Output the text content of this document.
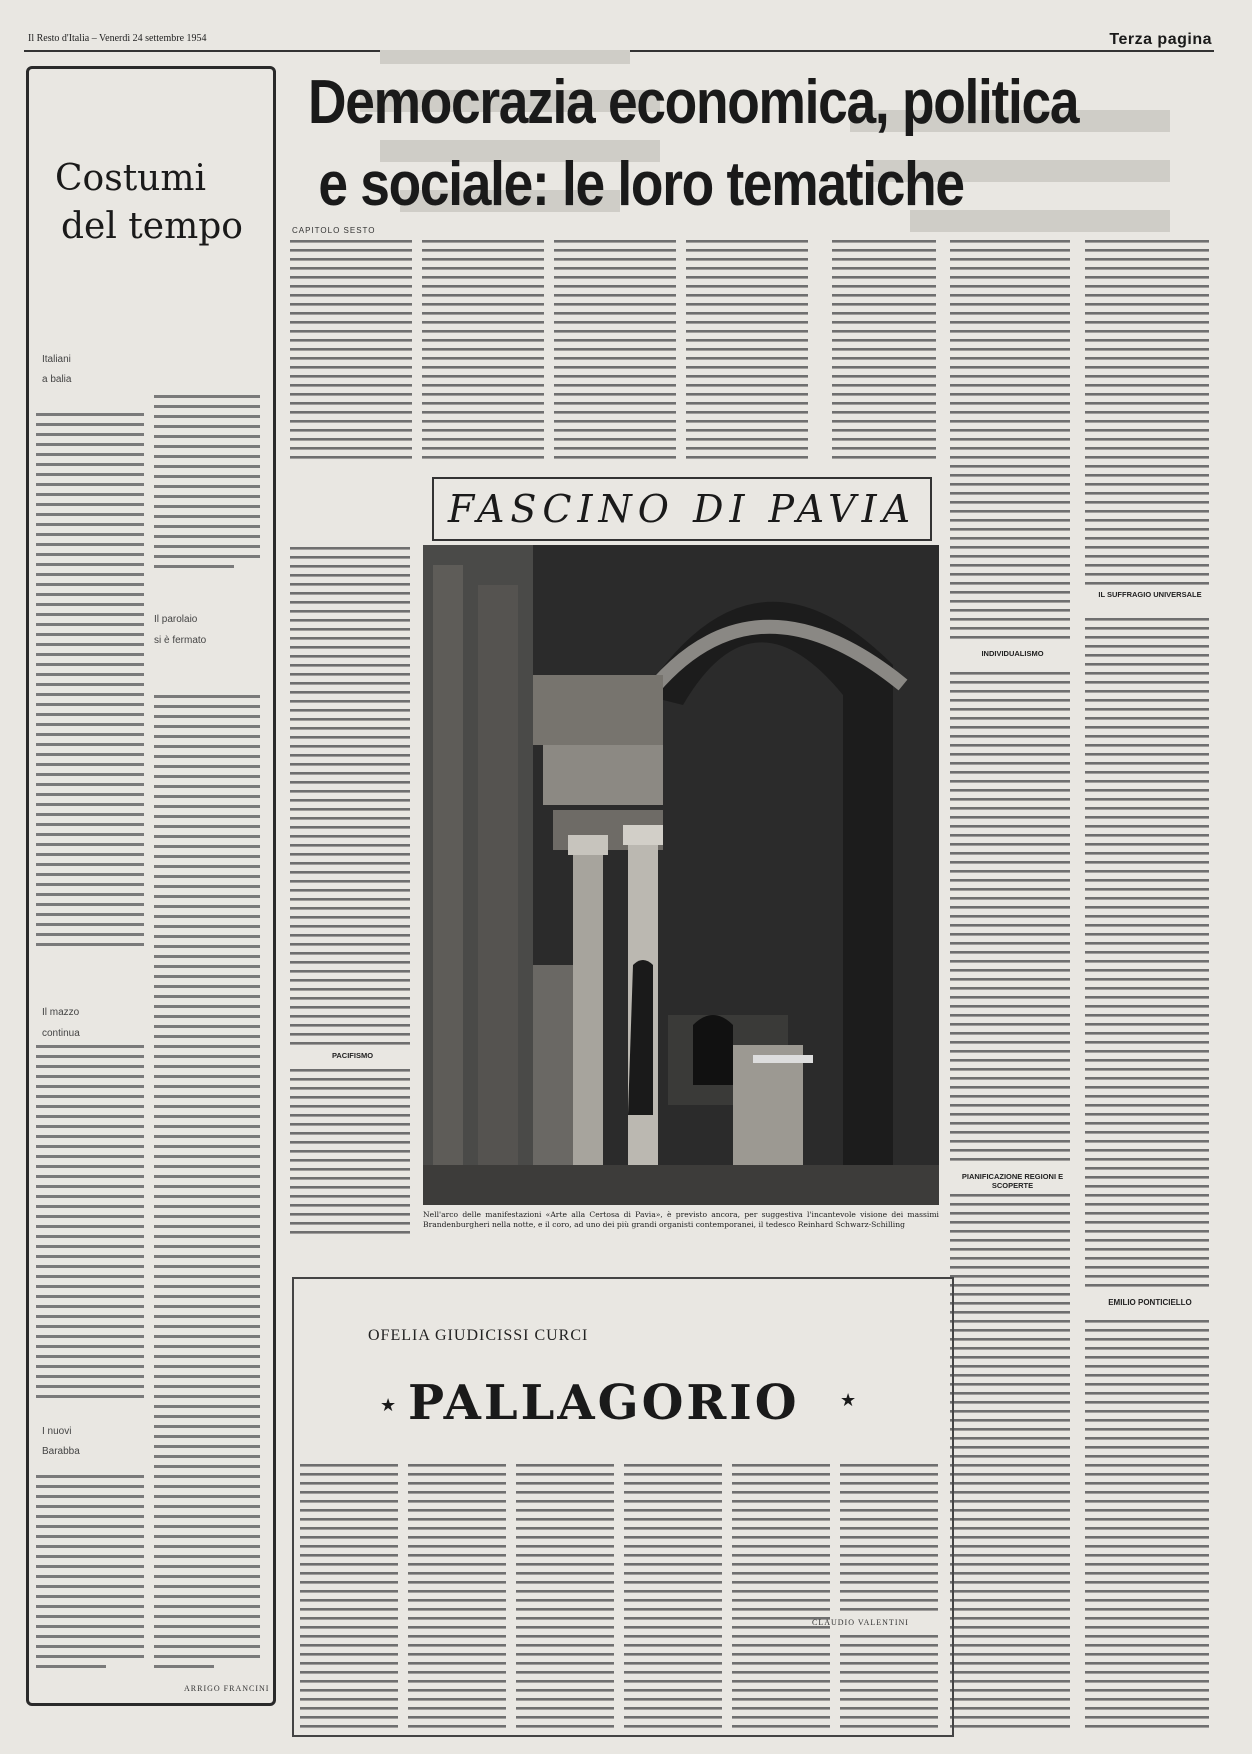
Il Resto d'Italia – Venerdì 24 settembre 1954	Terza pagina
Costumi
del tempo
Italiani
a balia
Il parolaio
si è fermato
Il mazzo
continua
I nuovi
Barabba
ARRIGO FRANCINI
Democrazia economica, politica
e sociale: le loro tematiche
CAPITOLO SESTO
PACIFISMO
INDIVIDUALISMO
PIANIFICAZIONE REGIONI E SCOPERTE
IL SUFFRAGIO UNIVERSALE
EMILIO PONTICIELLO
FASCINO DI PAVIA
Nell'arco delle manifestazioni «Arte alla Certosa di Pavia», è previsto ancora, per suggestiva l'incantevole visione dei massimi Brandenburgheri nella notte, e il coro, ad uno dei più grandi organisti contemporanei, il tedesco Reinhard Schwarz-Schilling
OFELIA GIUDICISSI CURCI
★ PALLAGORIO ★
CLAUDIO VALENTINI
